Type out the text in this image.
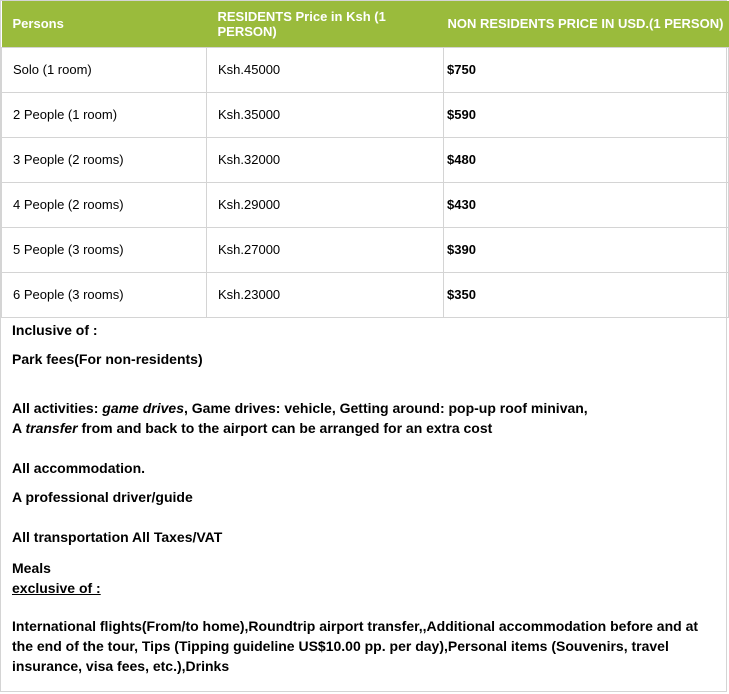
Persons	RESIDENTS Price in Ksh (1 PERSON)	NON RESIDENTS PRICE IN USD.(1 PERSON)
Solo (1 room)	Ksh.45000	$750
2 People (1 room)	Ksh.35000	$590
3 People (2 rooms)	Ksh.32000	$480
4 People (2 rooms)	Ksh.29000	$430
5 People (3 rooms)	Ksh.27000	$390
6 People (3 rooms)	Ksh.23000	$350

Inclusive of :

Park fees(For non-residents)

All activities: game drives, Game drives: vehicle, Getting around: pop-up roof minivan,

A transfer from and back to the airport can be arranged for an extra cost

All accommodation.

A professional driver/guide

All transportation All Taxes/VAT

Meals

exclusive of :

International flights(From/to home),Roundtrip airport transfer,,Additional accommodation before and at the end of the tour, Tips (Tipping guideline US$10.00 pp. per day),Personal items (Souvenirs, travel insurance, visa fees, etc.),Drinks
